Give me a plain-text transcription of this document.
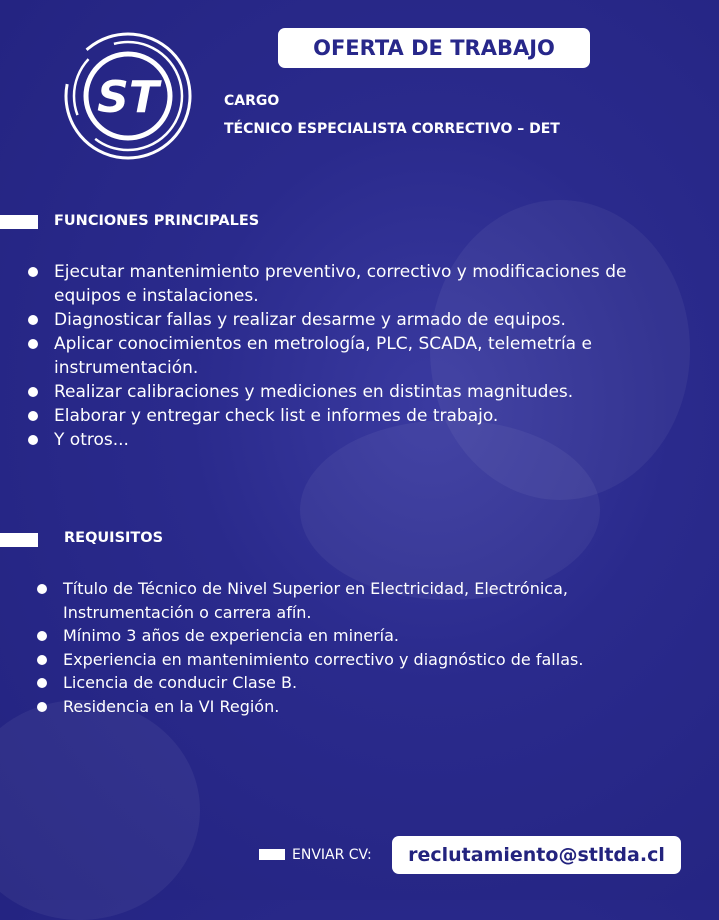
ST
OFERTA DE TRABAJO
CARGO
TÉCNICO ESPECIALISTA CORRECTIVO – DET
FUNCIONES PRINCIPALES
Ejecutar mantenimiento preventivo, correctivo y modificaciones de equipos e instalaciones.
Diagnosticar fallas y realizar desarme y armado de equipos.
Aplicar conocimientos en metrología, PLC, SCADA, telemetría e instrumentación.
Realizar calibraciones y mediciones en distintas magnitudes.
Elaborar y entregar check list e informes de trabajo.
Y otros...
REQUISITOS
Título de Técnico de Nivel Superior en Electricidad, Electrónica, Instrumentación o carrera afín.
Mínimo 3 años de experiencia en minería.
Experiencia en mantenimiento correctivo y diagnóstico de fallas.
Licencia de conducir Clase B.
Residencia en la VI Región.
ENVIAR CV:	reclutamiento@stltda.cl
